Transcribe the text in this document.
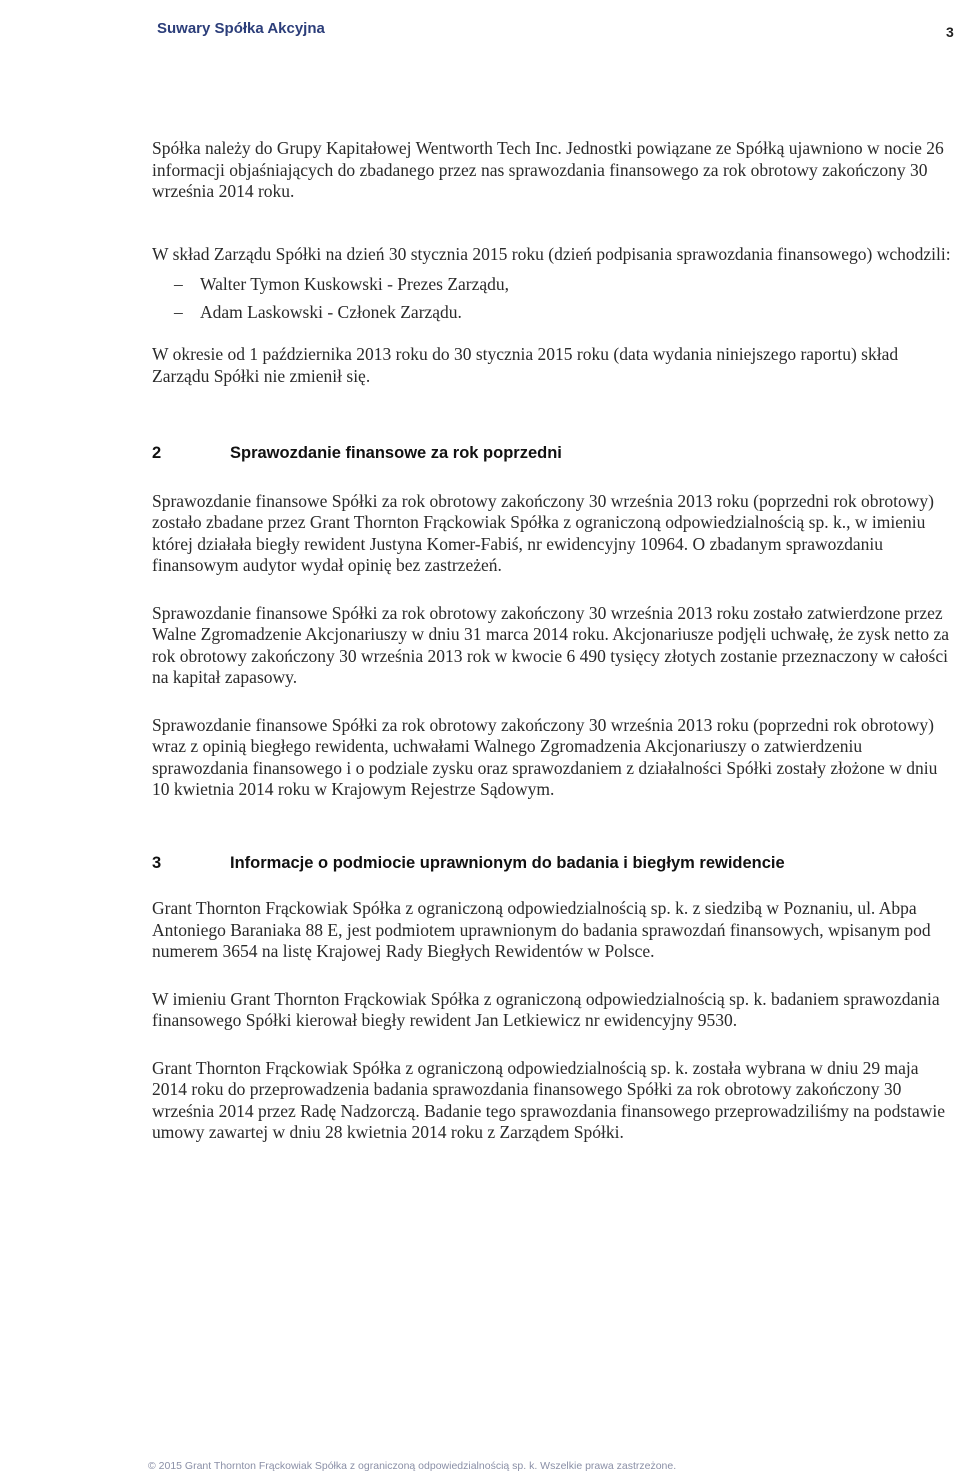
Suwary Spółka Akcyjna	3

Spółka należy do Grupy Kapitałowej Wentworth Tech Inc. Jednostki powiązane ze Spółką ujawniono w nocie 26 informacji objaśniających do zbadanego przez nas sprawozdania finansowego za rok obrotowy zakończony 30 września 2014 roku.

W skład Zarządu Spółki na dzień 30 stycznia 2015 roku (dzień podpisania sprawozdania finansowego) wchodzili:

– Walter Tymon Kuskowski - Prezes Zarządu,
– Adam Laskowski - Członek Zarządu.

W okresie od 1 października 2013 roku do 30 stycznia 2015 roku (data wydania niniejszego raportu) skład Zarządu Spółki nie zmienił się.

2	Sprawozdanie finansowe za rok poprzedni

Sprawozdanie finansowe Spółki za rok obrotowy zakończony 30 września 2013 roku (poprzedni rok obrotowy) zostało zbadane przez Grant Thornton Frąckowiak Spółka z ograniczoną odpowiedzialnością sp. k., w imieniu której działała biegły rewident Justyna Komer-Fabiś, nr ewidencyjny 10964. O zbadanym sprawozdaniu finansowym audytor wydał opinię bez zastrzeżeń.

Sprawozdanie finansowe Spółki za rok obrotowy zakończony 30 września 2013 roku zostało zatwierdzone przez Walne Zgromadzenie Akcjonariuszy w dniu 31 marca 2014 roku. Akcjonariusze podjęli uchwałę, że zysk netto za rok obrotowy zakończony 30 września 2013 rok w kwocie 6 490 tysięcy złotych zostanie przeznaczony w całości na kapitał zapasowy.

Sprawozdanie finansowe Spółki za rok obrotowy zakończony 30 września 2013 roku (poprzedni rok obrotowy) wraz z opinią biegłego rewidenta, uchwałami Walnego Zgromadzenia Akcjonariuszy o zatwierdzeniu sprawozdania finansowego i o podziale zysku oraz sprawozdaniem z działalności Spółki zostały złożone w dniu 10 kwietnia 2014 roku w Krajowym Rejestrze Sądowym.

3	Informacje o podmiocie uprawnionym do badania i biegłym rewidencie

Grant Thornton Frąckowiak Spółka z ograniczoną odpowiedzialnością sp. k. z siedzibą w Poznaniu, ul. Abpa Antoniego Baraniaka 88 E, jest podmiotem uprawnionym do badania sprawozdań finansowych, wpisanym pod numerem 3654 na listę Krajowej Rady Biegłych Rewidentów w Polsce.

W imieniu Grant Thornton Frąckowiak Spółka z ograniczoną odpowiedzialnością sp. k. badaniem sprawozdania finansowego Spółki kierował biegły rewident Jan Letkiewicz nr ewidencyjny 9530.

Grant Thornton Frąckowiak Spółka z ograniczoną odpowiedzialnością sp. k. została wybrana w dniu 29 maja 2014 roku do przeprowadzenia badania sprawozdania finansowego Spółki za rok obrotowy zakończony 30 września 2014 przez Radę Nadzorczą. Badanie tego sprawozdania finansowego przeprowadziliśmy na podstawie umowy zawartej w dniu 28 kwietnia 2014 roku z Zarządem Spółki.

© 2015 Grant Thornton Frąckowiak Spółka z ograniczoną odpowiedzialnością sp. k. Wszelkie prawa zastrzeżone.
